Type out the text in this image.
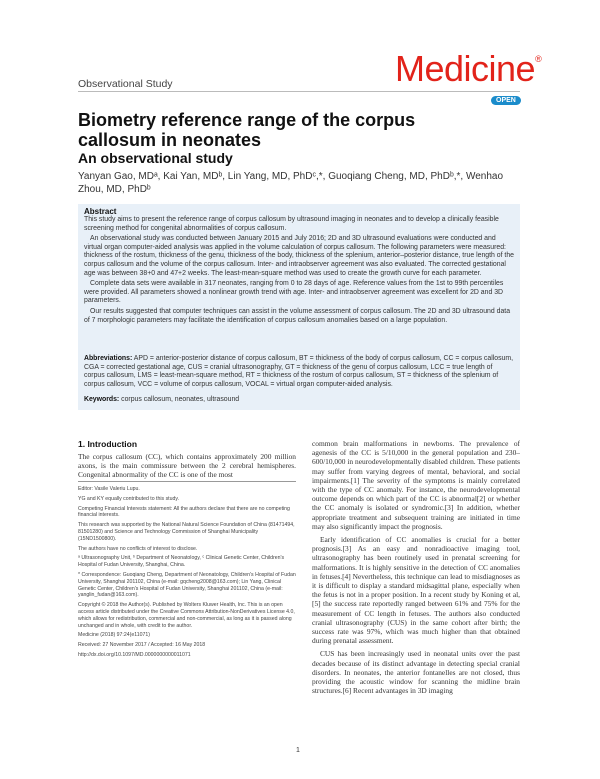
Observational Study	Medicine®
OPEN
Biometry reference range of the corpus callosum in neonates
An observational study
Yanyan Gao, MDᵃ, Kai Yan, MDᵇ, Lin Yang, MD, PhDᶜ,*, Guoqiang Cheng, MD, PhDᵇ,*, Wenhao Zhou, MD, PhDᵇ
Abstract

This study aims to present the reference range of corpus callosum by ultrasound imaging in neonates and to develop a clinically feasible screening method for congenital abnormalities of corpus callosum.

An observational study was conducted between January 2015 and July 2016; 2D and 3D ultrasound evaluations were conducted and virtual organ computer-aided analysis was applied in the volume calculation of corpus callosum. The following parameters were measured: thickness of the rostum, thickness of the genu, thickness of the body, thickness of the splenium, anterior–posterior distance, true length of the corpus callosum and the volume of the corpus callosum. Inter- and intraobserver agreement was also evaluated. The corrected gestational age was between 38+0 and 47+2 weeks. The least-mean-square method was used to create the growth curve for each parameter.

Complete data sets were available in 317 neonates, ranging from 0 to 28 days of age. Reference values from the 1st to 99th percentiles were provided. All parameters showed a nonlinear growth trend with age. Inter- and intraobserver agreement was excellent for 2D and 3D parameters.

Our results suggested that computer techniques can assist in the volume assessment of corpus callosum. The 2D and 3D ultrasound data of 7 morphologic parameters may facilitate the identification of corpus callosum anomalies based on a large population.

Abbreviations: APD = anterior-posterior distance of corpus callosum, BT = thickness of the body of corpus callosum, CC = corpus callosum, CGA = corrected gestational age, CUS = cranial ultrasonography, GT = thickness of the genu of corpus callosum, LCC = true length of corpus callosum, LMS = least-mean-square method, RT = thickness of the rostum of corpus callosum, ST = thickness of the splenium of corpus callosum, VCC = volume of corpus callosum, VOCAL = virtual organ computer-aided analysis.
Keywords: corpus callosum, neonates, ultrasound
1. Introduction
The corpus callosum (CC), which contains approximately 200 million axons, is the main commissure between the 2 cerebral hemispheres. Congenital abnormality of the CC is one of the most

Editor: Vasile Valeriu Lupu.

YG and KY equally contributed to this study.

Competing Financial Interests statement: All the authors declare that there are no competing financial interests.

This research was supported by the National Natural Science Foundation of China (81471494, 81501280) and Science and Technology Commission of Shanghai Municipality (15ND1500800).

The authors have no conflicts of interest to disclose.

ᵃ Ultrasonography Unit, ᵇ Department of Neonatology, ᶜ Clinical Genetic Center, Children's Hospital of Fudan University, Shanghai, China.

* Correspondence: Guoqiang Cheng, Department of Neonatology, Children's Hospital of Fudan University, Shanghai 201102, China (e-mail: gqcheng2008@163.com); Lin Yang, Clinical Genetic Center, Children's Hospital of Fudan University, Shanghai 201102, China (e-mail: yanglin_fudan@163.com).

Copyright © 2018 the Author(s). Published by Wolters Kluwer Health, Inc. This is an open access article distributed under the Creative Commons Attribution-NonDerivatives License 4.0, which allows for redistribution, commercial and non-commercial, as long as it is passed along unchanged and in whole, with credit to the author.

Medicine (2018) 97:24(e11071)

Received: 27 November 2017 / Accepted: 16 May 2018

http://dx.doi.org/10.1097/MD.0000000000011071

common brain malformations in newborns. The prevalence of agenesis of the CC is 5/10,000 in the general population and 230–600/10,000 in neurodevelopmentally disabled children. These patients may suffer from varying degrees of mental, behavioral, and social impairments.[1] The severity of the symptoms is mainly correlated with the type of CC anomaly. For instance, the neurodevelopmental outcome depends on which part of the CC is abnormal[2] or whether the CC anomaly is isolated or syndromic.[3] In addition, whether appropriate treatment and subsequent training are initiated in time may also significantly impact the prognosis.

Early identification of CC anomalies is crucial for a better prognosis.[3] As an easy and nonradioactive imaging tool, ultrasonography has been routinely used in prenatal screening for malformations. It is highly sensitive in the detection of CC anomalies in fetuses.[4] Nevertheless, this technique can lead to misdiagnoses as it is difficult to display a standard midsagittal plane, especially when the fetus is not in a proper position. In a recent study by Koning et al,[5] the success rate reportedly ranged between 61% and 75% for the measurement of CC length in fetuses. The authors also conducted cranial ultrasonography (CUS) in the same cohort after birth; the success rate was 97%, which was much higher than that obtained during prenatal assessment.

CUS has been increasingly used in neonatal units over the past decades because of its distinct advantage in detecting special cranial disorders. In neonates, the anterior fontanelles are not closed, thus providing the acoustic window for scanning the midline brain structures.[6] Recent advantages in 3D imaging

1
